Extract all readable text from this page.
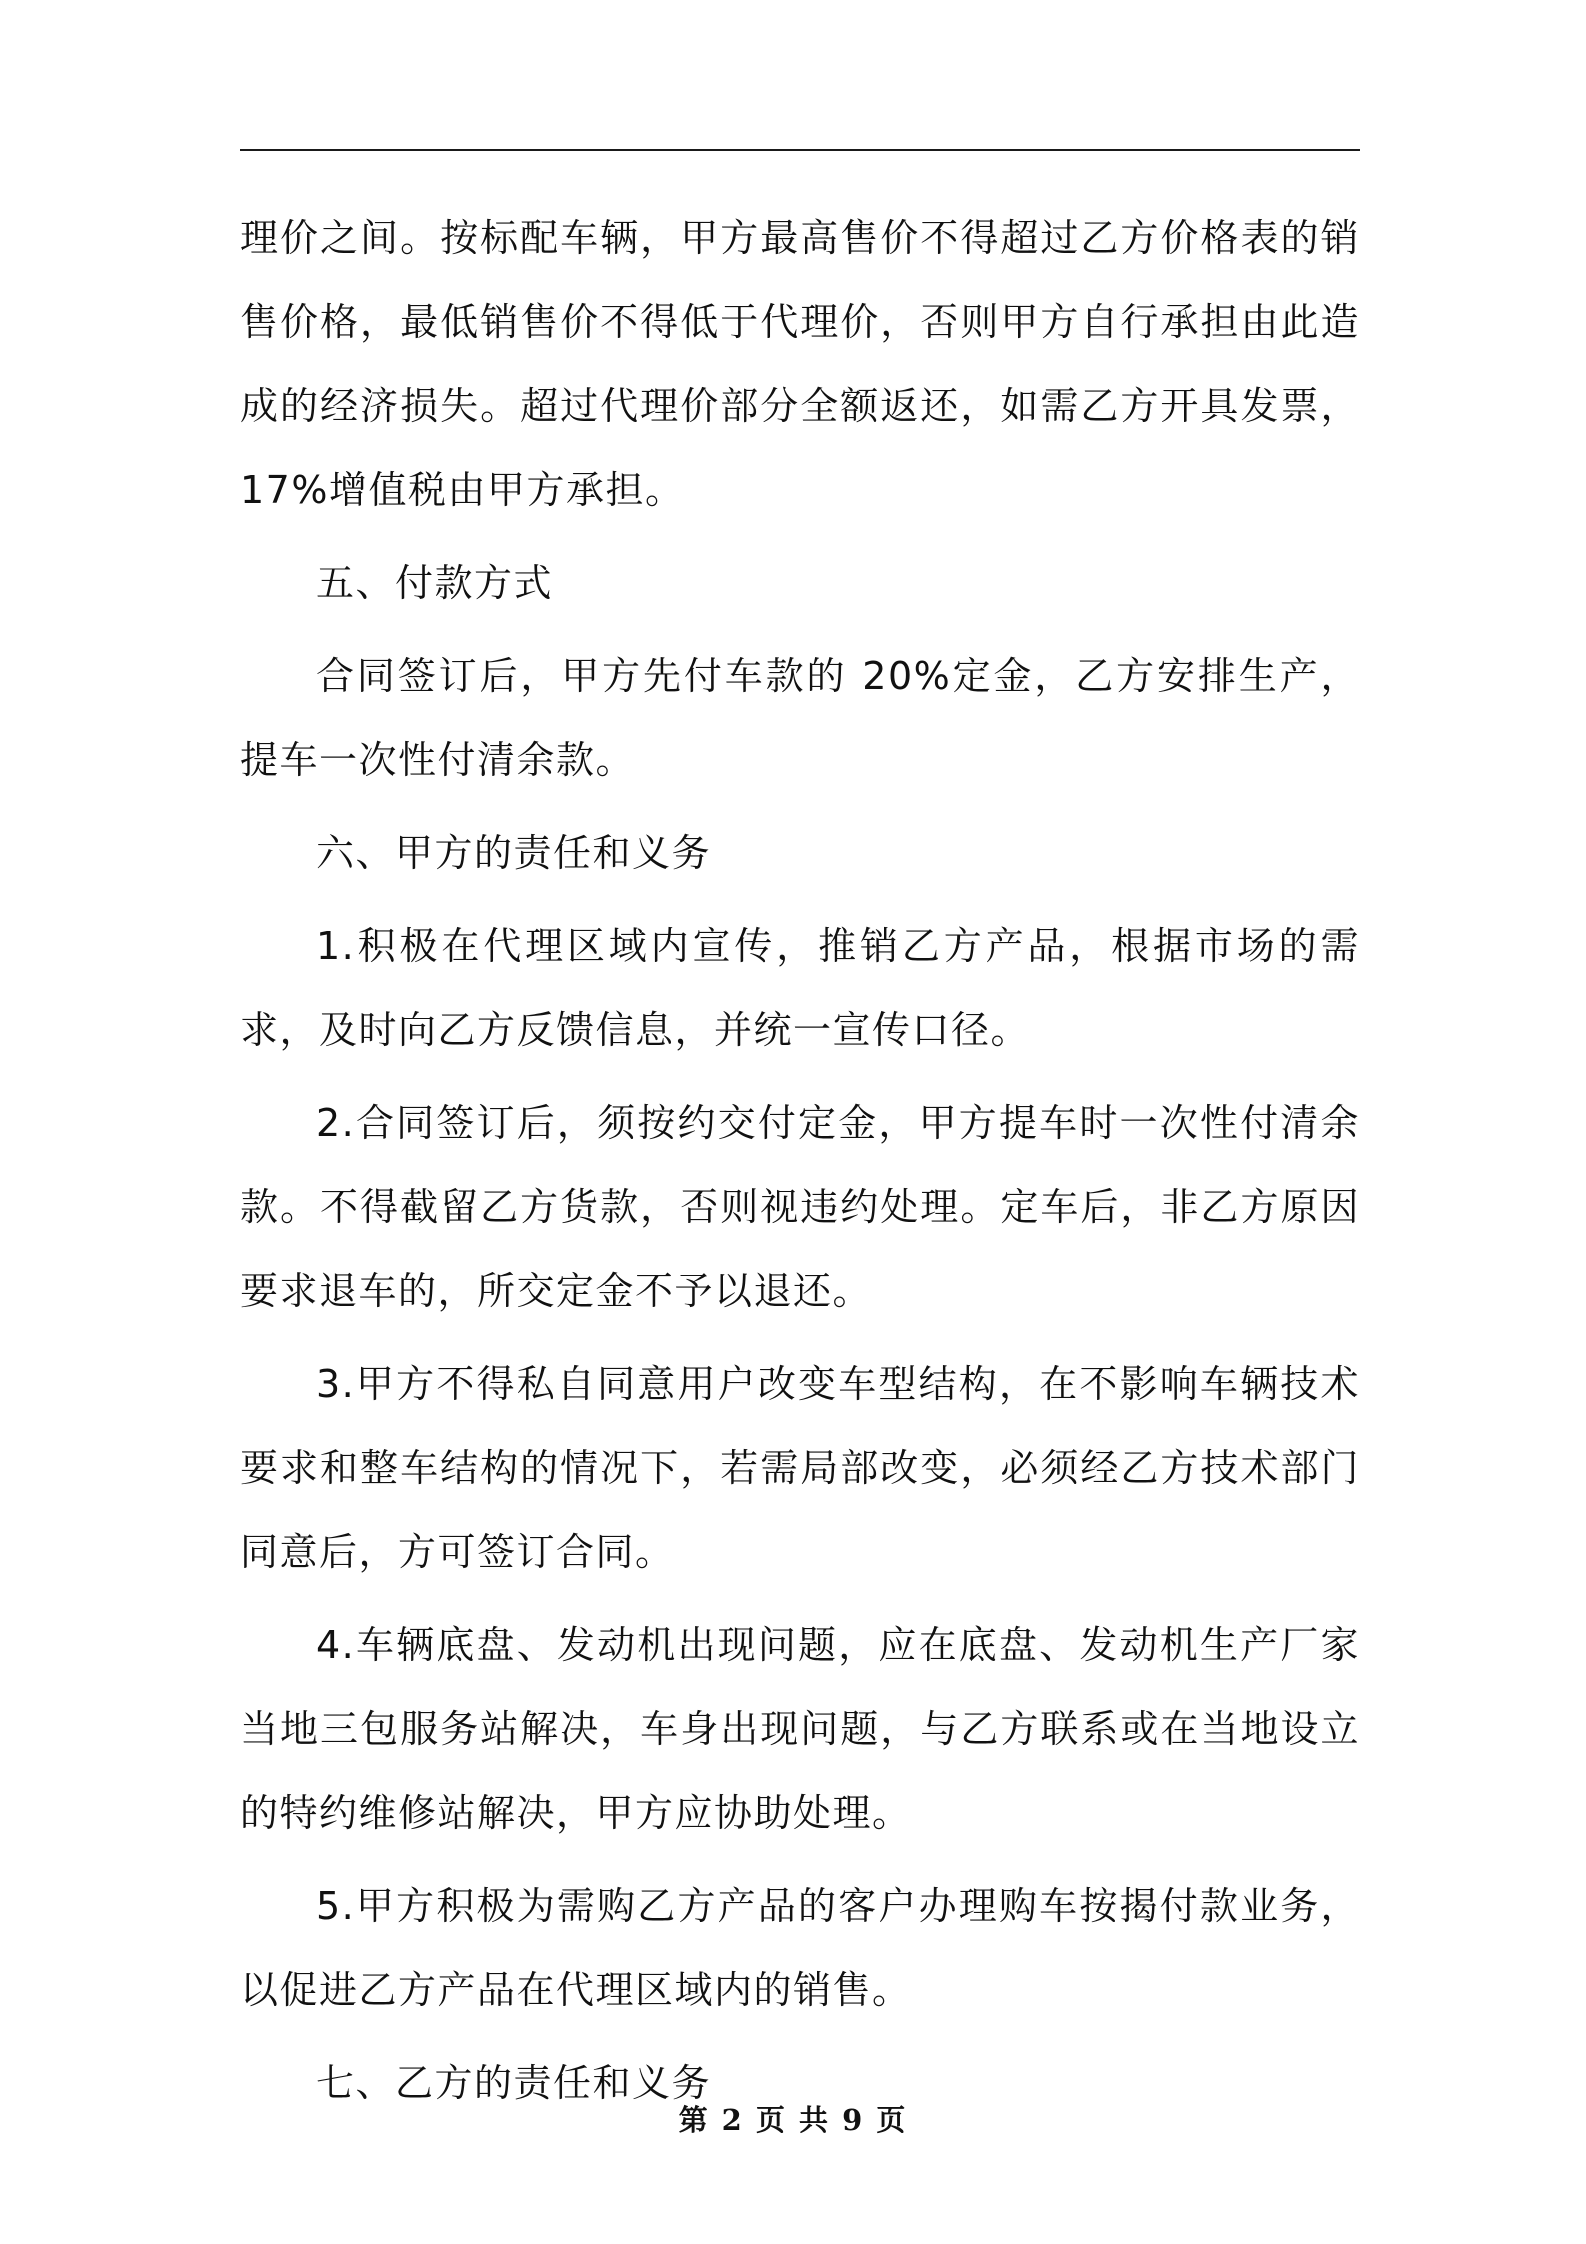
理价之间。按标配车辆，甲方最高售价不得超过乙方价格表的销售价格，最低销售价不得低于代理价，否则甲方自行承担由此造成的经济损失。超过代理价部分全额返还，如需乙方开具发票，17%增值税由甲方承担。

五、付款方式

合同签订后，甲方先付车款的 20%定金，乙方安排生产，提车一次性付清余款。

六、甲方的责任和义务

1.积极在代理区域内宣传，推销乙方产品，根据市场的需求，及时向乙方反馈信息，并统一宣传口径。

2.合同签订后，须按约交付定金，甲方提车时一次性付清余款。不得截留乙方货款，否则视违约处理。定车后，非乙方原因要求退车的，所交定金不予以退还。

3.甲方不得私自同意用户改变车型结构，在不影响车辆技术要求和整车结构的情况下，若需局部改变，必须经乙方技术部门同意后，方可签订合同。

4.车辆底盘、发动机出现问题，应在底盘、发动机生产厂家当地三包服务站解决，车身出现问题，与乙方联系或在当地设立的特约维修站解决，甲方应协助处理。

5.甲方积极为需购乙方产品的客户办理购车按揭付款业务，以促进乙方产品在代理区域内的销售。

七、乙方的责任和义务

第 2 页 共 9 页
